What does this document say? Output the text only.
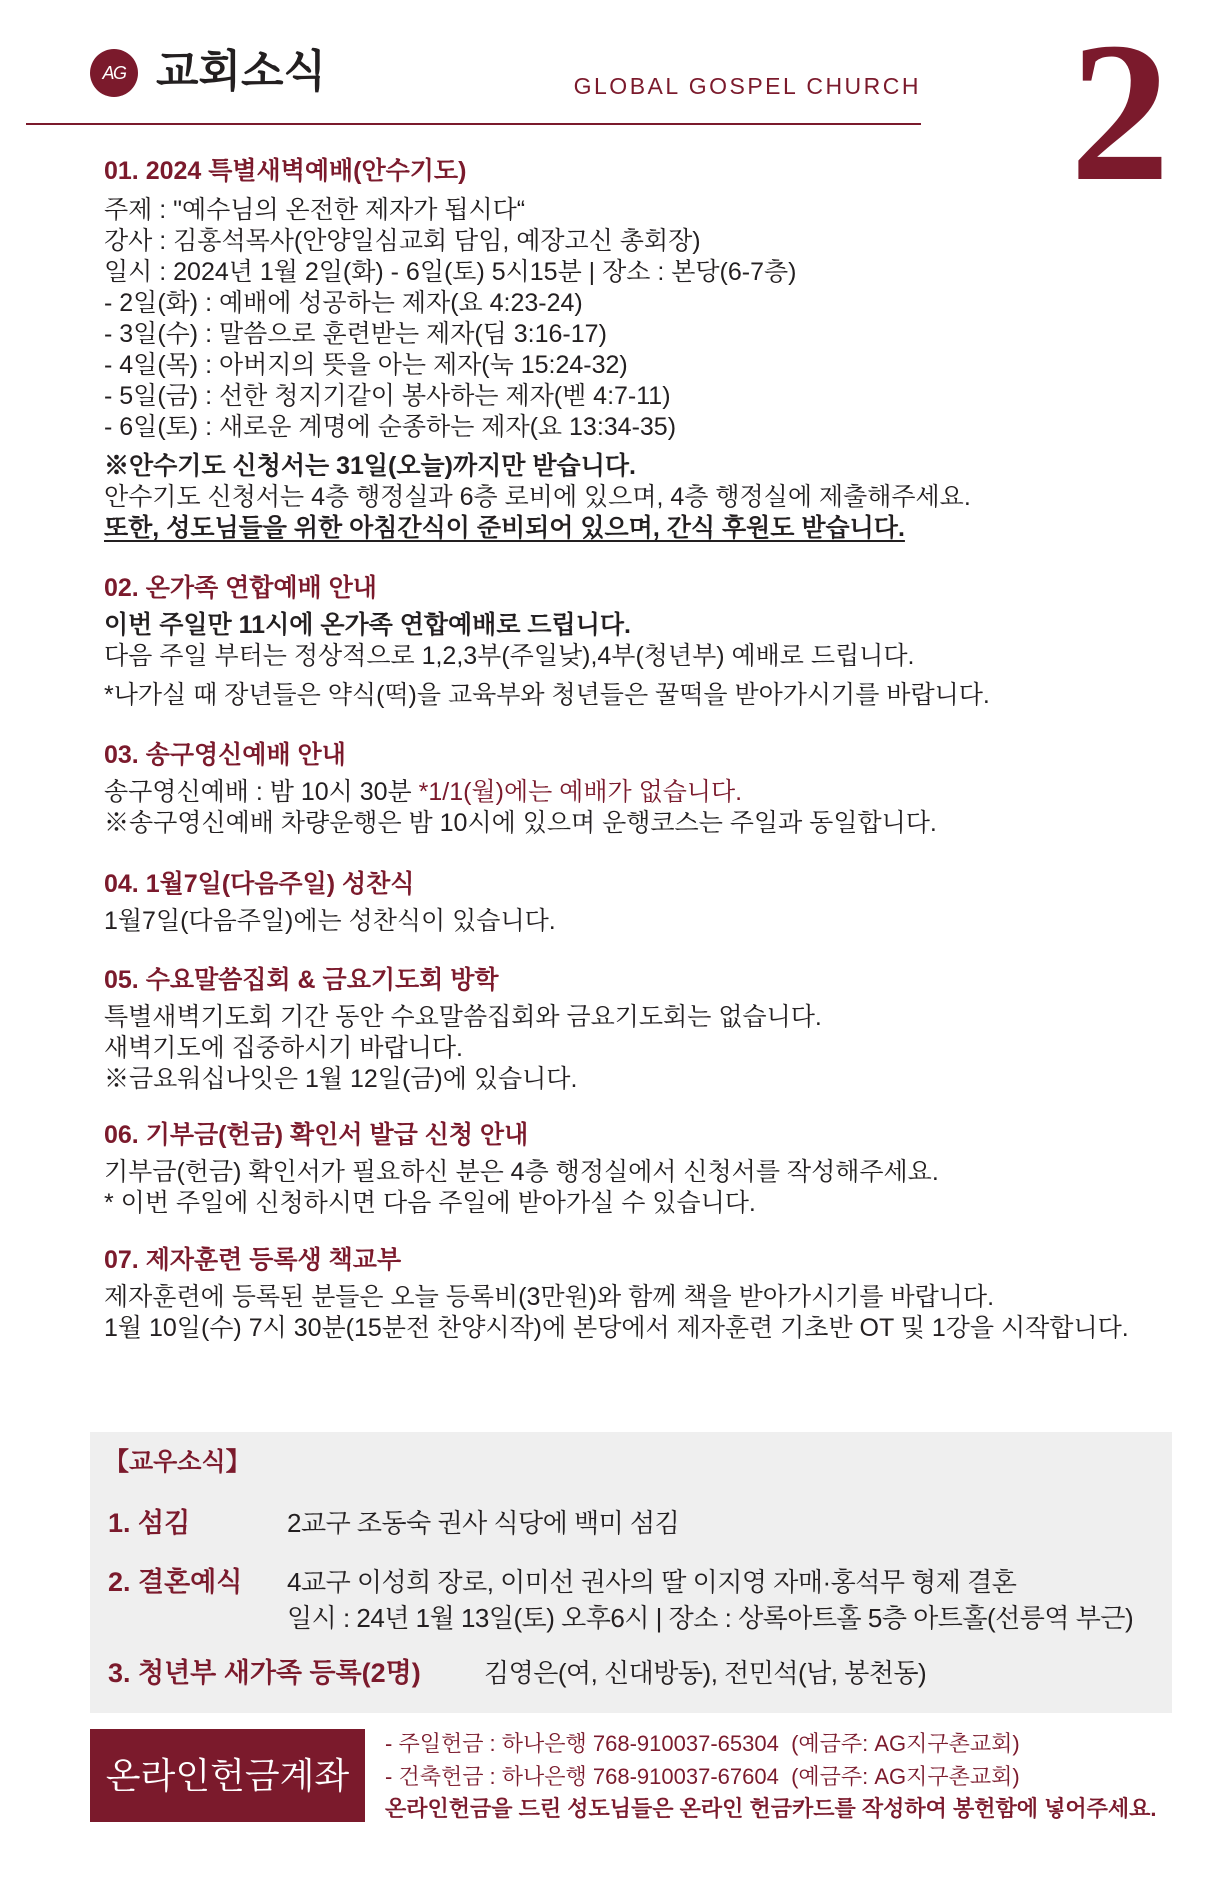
AG 교회소식	GLOBAL GOSPEL CHURCH 2
01. 2024 특별새벽예배(안수기도)
주제 : "예수님의 온전한 제자가 됩시다“
강사 : 김홍석목사(안양일심교회 담임, 예장고신 총회장)
일시 : 2024년 1월 2일(화) - 6일(토) 5시15분 | 장소 : 본당(6-7층)
- 2일(화) : 예배에 성공하는 제자(요 4:23-24)
- 3일(수) : 말씀으로 훈련받는 제자(딤 3:16-17)
- 4일(목) : 아버지의 뜻을 아는 제자(눅 15:24-32)
- 5일(금) : 선한 청지기같이 봉사하는 제자(벧 4:7-11)
- 6일(토) : 새로운 계명에 순종하는 제자(요 13:34-35)
※안수기도 신청서는 31일(오늘)까지만 받습니다.
안수기도 신청서는 4층 행정실과 6층 로비에 있으며, 4층 행정실에 제출해주세요.
또한, 성도님들을 위한 아침간식이 준비되어 있으며, 간식 후원도 받습니다.
02. 온가족 연합예배 안내
이번 주일만 11시에 온가족 연합예배로 드립니다.
다음 주일 부터는 정상적으로 1,2,3부(주일낮),4부(청년부) 예배로 드립니다.
*나가실 때 장년들은 약식(떡)을 교육부와 청년들은 꿀떡을 받아가시기를 바랍니다.
03. 송구영신예배 안내
송구영신예배 : 밤 10시 30분 *1/1(월)에는 예배가 없습니다.
※송구영신예배 차량운행은 밤 10시에 있으며 운행코스는 주일과 동일합니다.
04. 1월7일(다음주일) 성찬식
1월7일(다음주일)에는 성찬식이 있습니다.
05. 수요말씀집회 & 금요기도회 방학
특별새벽기도회 기간 동안 수요말씀집회와 금요기도회는 없습니다.
새벽기도에 집중하시기 바랍니다.
※금요워십나잇은 1월 12일(금)에 있습니다.
06. 기부금(헌금) 확인서 발급 신청 안내
기부금(헌금) 확인서가 필요하신 분은 4층 행정실에서 신청서를 작성해주세요.
* 이번 주일에 신청하시면 다음 주일에 받아가실 수 있습니다.
07. 제자훈련 등록생 책교부
제자훈련에 등록된 분들은 오늘 등록비(3만원)와 함께 책을 받아가시기를 바랍니다.
1월 10일(수) 7시 30분(15분전 찬양시작)에 본당에서 제자훈련 기초반 OT 및 1강을 시작합니다.
【교우소식】
1. 섬김	2교구 조동숙 권사 식당에 백미 섬김
2. 결혼예식 4교구 이성희 장로, 이미선 권사의 딸 이지영 자매·홍석무 형제 결혼
일시 : 24년 1월 13일(토) 오후6시 | 장소 : 상록아트홀 5층 아트홀(선릉역 부근)
3. 청년부 새가족 등록(2명) 김영은(여, 신대방동), 전민석(남, 봉천동)
온라인헌금계좌
- 주일헌금 : 하나은행 768-910037-65304  (예금주: AG지구촌교회)
- 건축헌금 : 하나은행 768-910037-67604  (예금주: AG지구촌교회)
온라인헌금을 드린 성도님들은 온라인 헌금카드를 작성하여 봉헌함에 넣어주세요.
